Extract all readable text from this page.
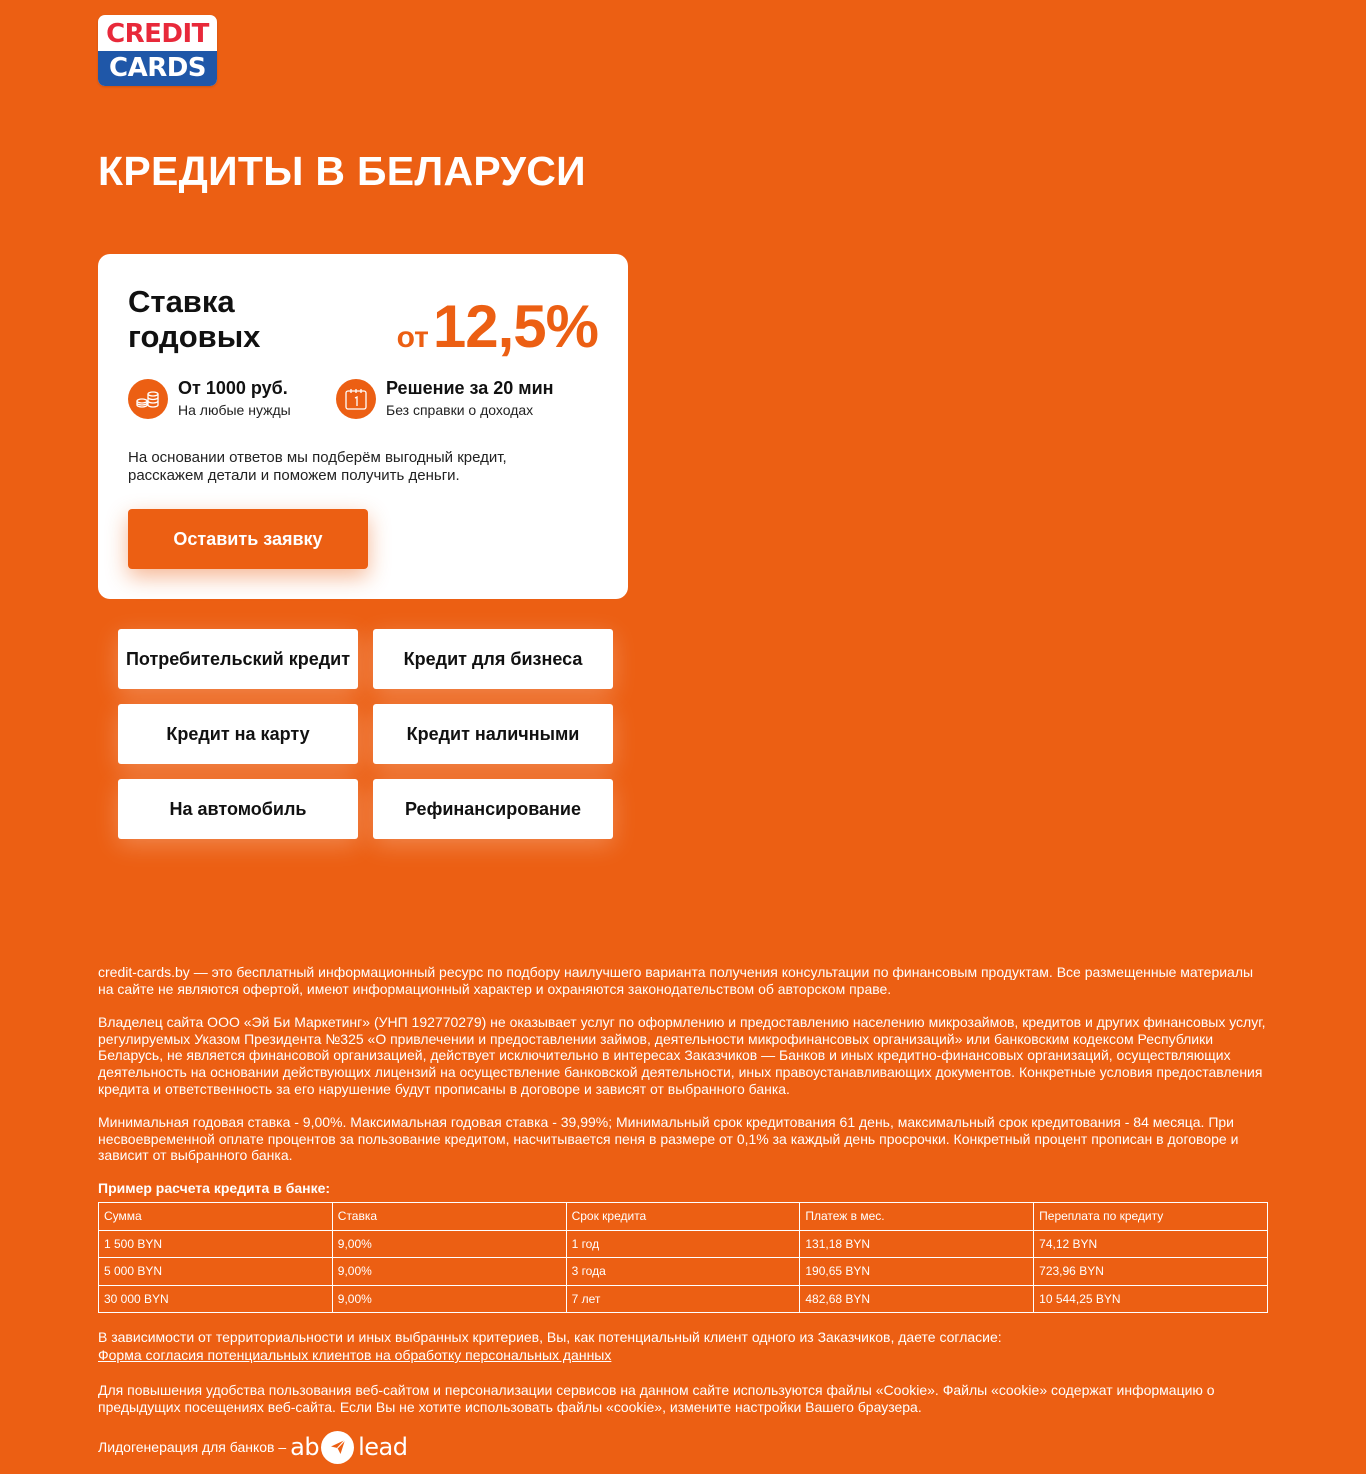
CREDIT
CARDS
КРЕДИТЫ В БЕЛАРУСИ
Ставка годовых	от12,5%
От 1000 руб.
На любые нужды
Решение за 20 мин
Без справки о доходах

На основании ответов мы подберём выгодный кредит, расскажем детали и поможем получить деньги.

Оставить заявку
Потребительский кредит	Кредит для бизнеса
Кредит на карту	Кредит наличными
На автомобиль	Рефинансирование

credit-cards.by — это бесплатный информационный ресурс по подбору наилучшего варианта получения консультации по финансовым продуктам. Все размещенные материалы на сайте не являются офертой, имеют информационный характер и охраняются законодательством об авторском праве.

Владелец сайта ООО «Эй Би Маркетинг» (УНП 192770279) не оказывает услуг по оформлению и предоставлению населению микрозаймов, кредитов и других финансовых услуг, регулируемых Указом Президента №325 «О привлечении и предоставлении займов, деятельности микрофинансовых организаций» или банковским кодексом Республики Беларусь, не является финансовой организацией, действует исключительно в интересах Заказчиков — Банков и иных кредитно-финансовых организаций, осуществляющих деятельность на основании действующих лицензий на осуществление банковской деятельности, иных правоустанавливающих документов. Конкретные условия предоставления кредита и ответственность за его нарушение будут прописаны в договоре и зависят от выбранного банка.

Минимальная годовая ставка - 9,00%. Максимальная годовая ставка - 39,99%; Минимальный срок кредитования 61 день, максимальный срок кредитования - 84 месяца. При несвоевременной оплате процентов за пользование кредитом, насчитывается пеня в размере от 0,1% за каждый день просрочки. Конкретный процент прописан в договоре и зависит от выбранного банка.

Пример расчета кредита в банке:

Сумма	Ставка	Срок кредита	Платеж в мес.	Переплата по кредиту
1 500 BYN	9,00%	1 год	131,18 BYN	74,12 BYN
5 000 BYN	9,00%	3 года	190,65 BYN	723,96 BYN
30 000 BYN	9,00%	7 лет	482,68 BYN	10 544,25 BYN

В зависимости от территориальности и иных выбранных критериев, Вы, как потенциальный клиент одного из Заказчиков, даете согласие:

Форма согласия потенциальных клиентов на обработку персональных данных

Для повышения удобства пользования веб-сайтом и персонализации сервисов на данном сайте используются файлы «Cookie». Файлы «cookie» содержат информацию о предыдущих посещениях веб-сайта. Если Вы не хотите использовать файлы «cookie», измените настройки Вашего браузера.

Лидогенерация для банков – ab lead
